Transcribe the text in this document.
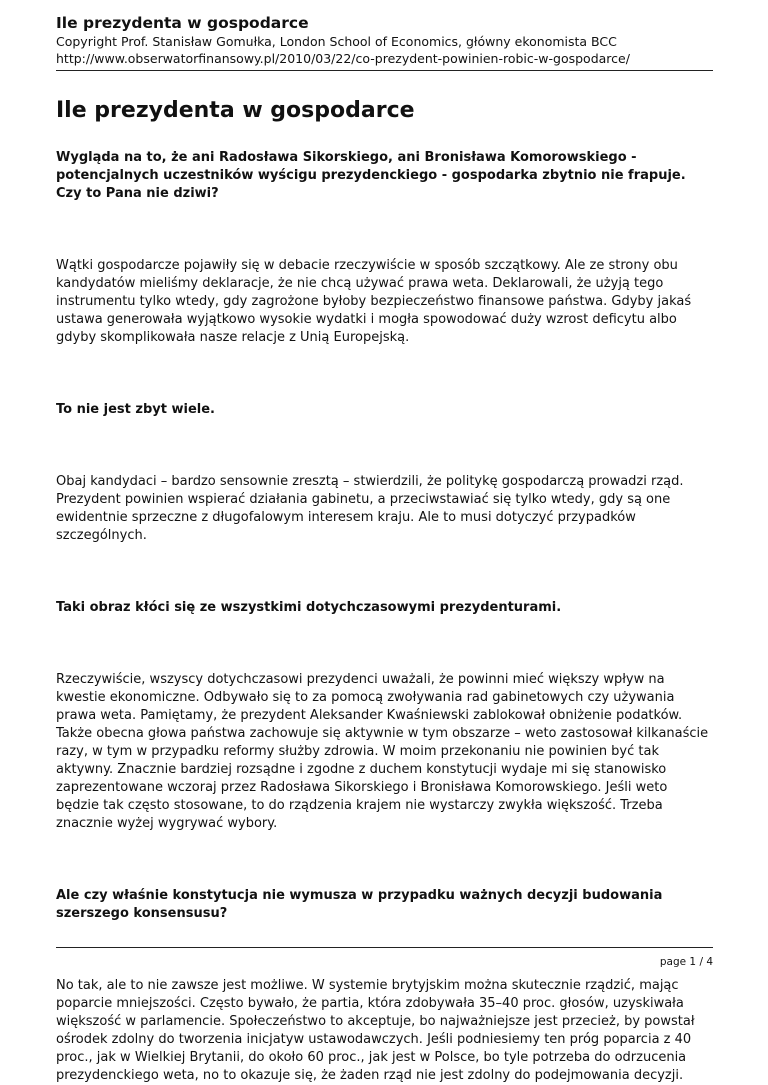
Ile prezydenta w gospodarce
Copyright Prof. Stanisław Gomułka, London School of Economics, główny ekonomista BCC
http://www.obserwatorfinansowy.pl/2010/03/22/co-prezydent-powinien-robic-w-gospodarce/
Ile prezydenta w gospodarce

Wygląda na to, że ani Radosława Sikorskiego, ani Bronisława Komorowskiego - potencjalnych uczestników wyścigu prezydenckiego - gospodarka zbytnio nie frapuje. Czy to Pana nie dziwi?

Wątki gospodarcze pojawiły się w debacie rzeczywiście w sposób szczątkowy. Ale ze strony obu kandydatów mieliśmy deklaracje, że nie chcą używać prawa weta. Deklarowali, że użyją tego instrumentu tylko wtedy, gdy zagrożone byłoby bezpieczeństwo finansowe państwa. Gdyby jakaś ustawa generowała wyjątkowo wysokie wydatki i mogła spowodować duży wzrost deficytu albo gdyby skomplikowała nasze relacje z Unią Europejską.

To nie jest zbyt wiele.

Obaj kandydaci – bardzo sensownie zresztą – stwierdzili, że politykę gospodarczą prowadzi rząd. Prezydent powinien wspierać działania gabinetu, a przeciwstawiać się tylko wtedy, gdy są one ewidentnie sprzeczne z długofalowym interesem kraju. Ale to musi dotyczyć przypadków szczególnych.

Taki obraz kłóci się ze wszystkimi dotychczasowymi prezydenturami.

Rzeczywiście, wszyscy dotychczasowi prezydenci uważali, że powinni mieć większy wpływ na kwestie ekonomiczne. Odbywało się to za pomocą zwoływania rad gabinetowych czy używania prawa weta. Pamiętamy, że prezydent Aleksander Kwaśniewski zablokował obniżenie podatków. Także obecna głowa państwa zachowuje się aktywnie w tym obszarze – weto zastosował kilkanaście razy, w tym w przypadku reformy służby zdrowia. W moim przekonaniu nie powinien być tak aktywny. Znacznie bardziej rozsądne i zgodne z duchem konstytucji wydaje mi się stanowisko zaprezentowane wczoraj przez Radosława Sikorskiego i Bronisława Komorowskiego. Jeśli weto będzie tak często stosowane, to do rządzenia krajem nie wystarczy zwykła większość. Trzeba znacznie wyżej wygrywać wybory.

Ale czy właśnie konstytucja nie wymusza w przypadku ważnych decyzji budowania szerszego konsensusu?

No tak, ale to nie zawsze jest możliwe. W systemie brytyjskim można skutecznie rządzić, mając poparcie mniejszości. Często bywało, że partia, która zdobywała 35–40 proc. głosów, uzyskiwała większość w parlamencie. Społeczeństwo to akceptuje, bo najważniejsze jest przecież, by powstał ośrodek zdolny do tworzenia inicjatyw ustawodawczych. Jeśli podniesiemy ten próg poparcia z 40 proc., jak w Wielkiej Brytanii, do około 60 proc., jak jest w Polsce, bo tyle potrzeba do odrzucenia prezydenckiego weta, no to okazuje się, że żaden rząd nie jest zdolny do podejmowania decyzji.

page 1 / 4
